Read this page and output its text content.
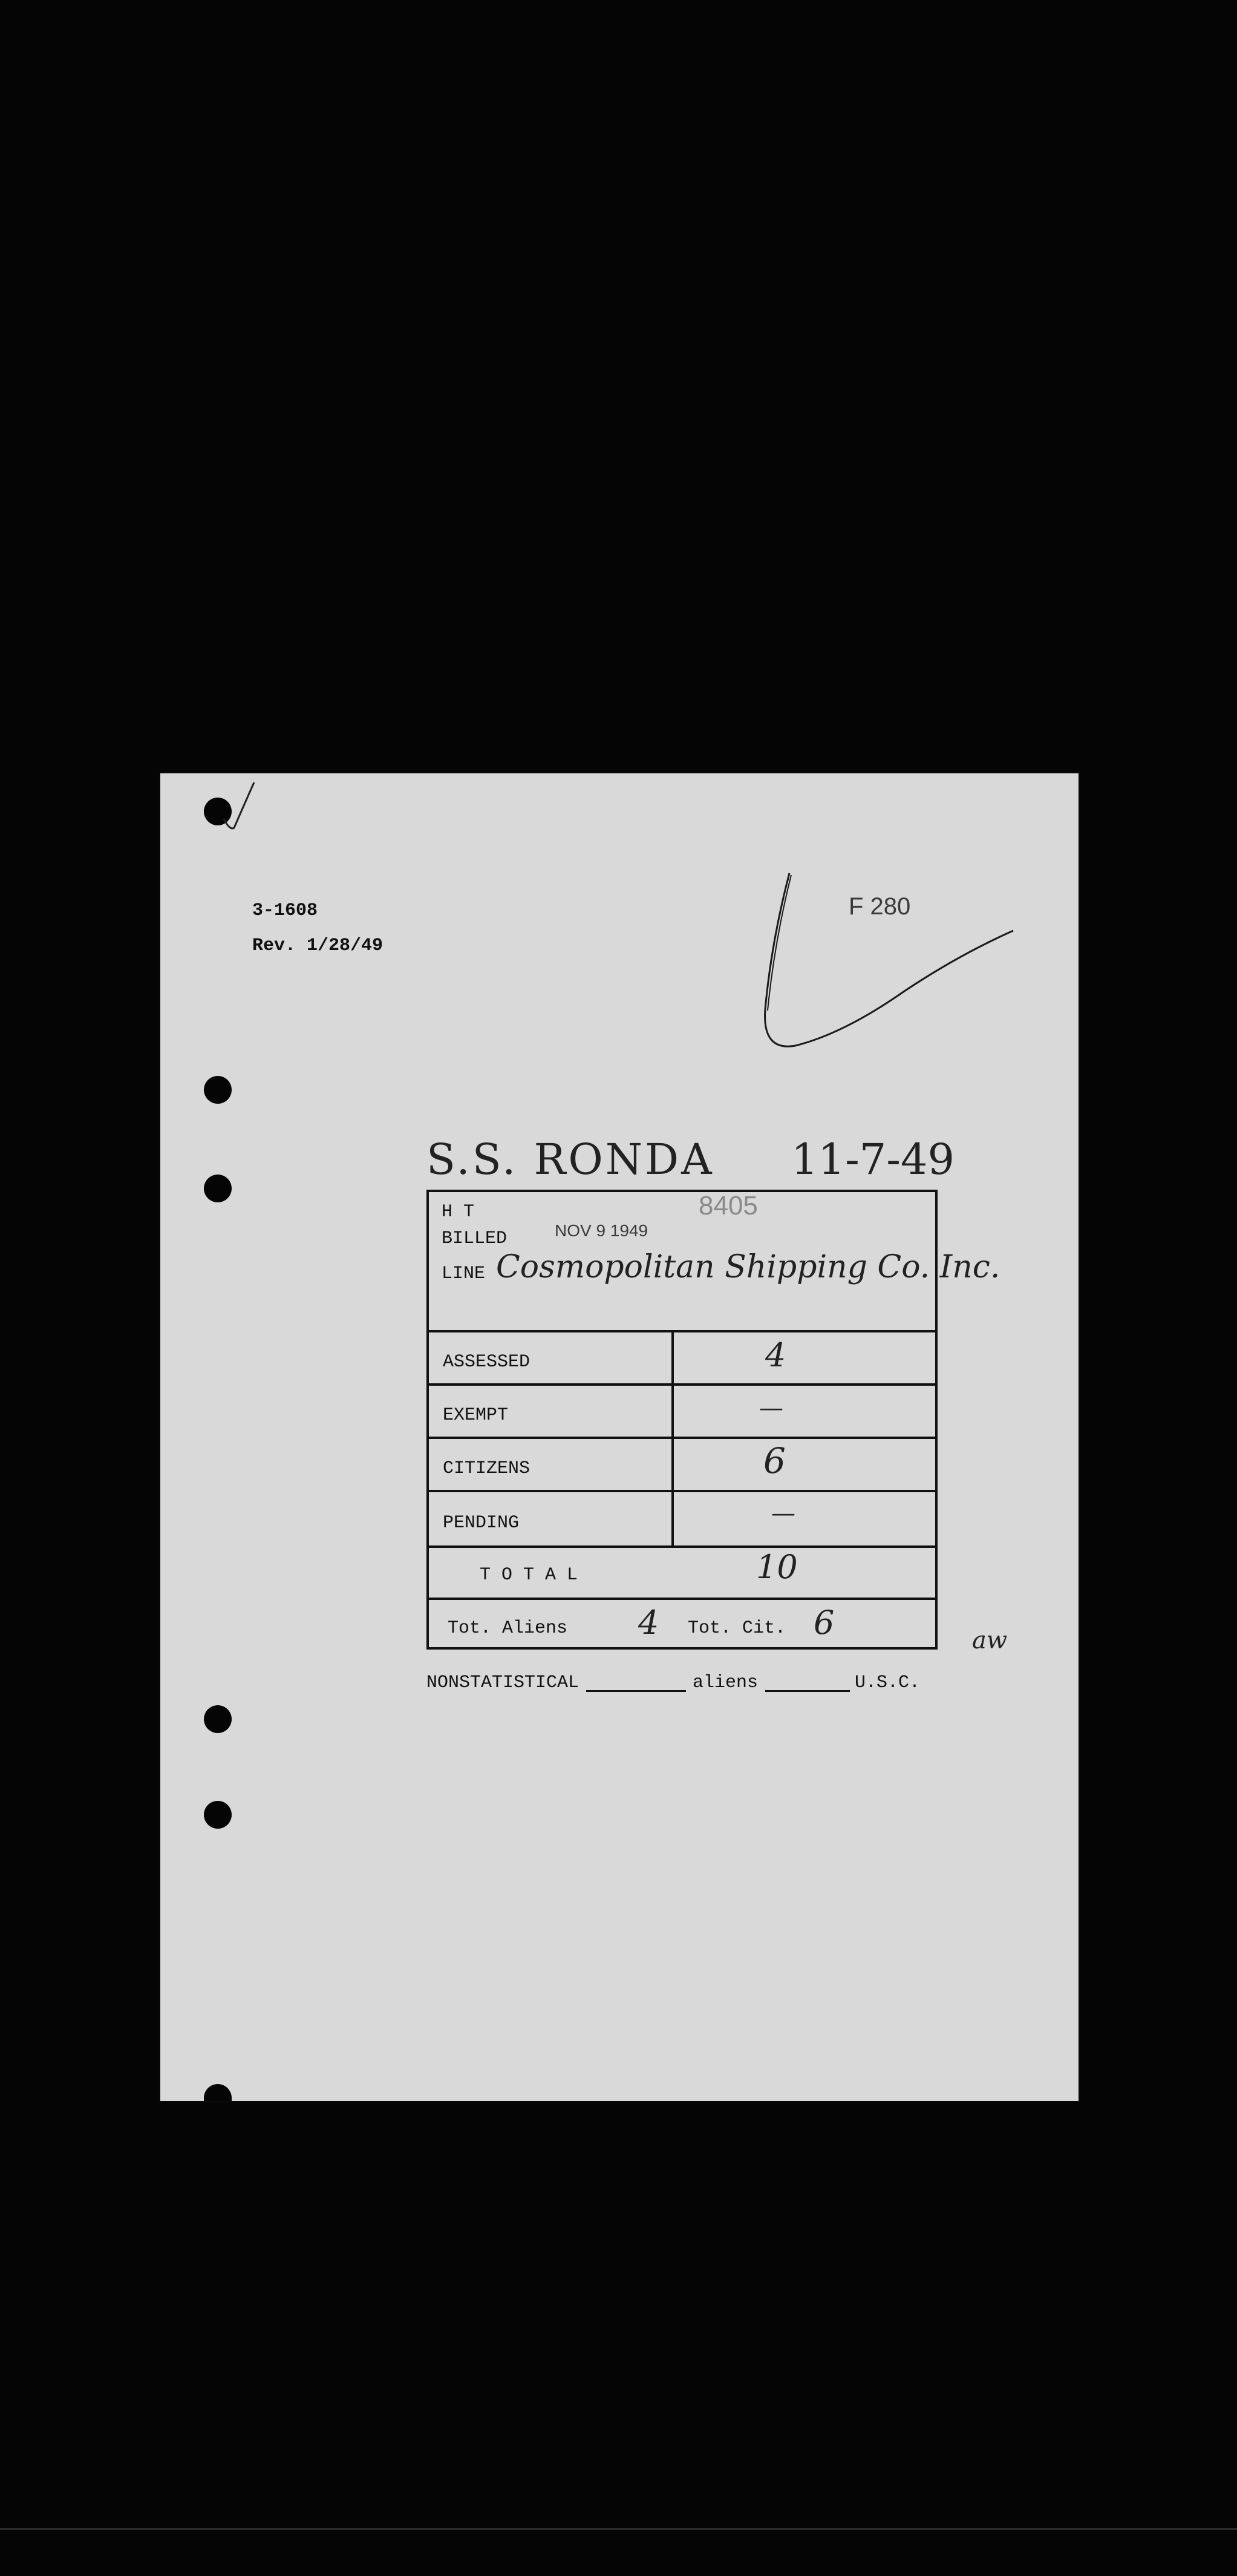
3-1608
Rev. 1/28/49
F 280
S.S. RONDA 11-7-49
H T	8405
BILLED	NOV 9 1949
LINE Cosmopolitan Shipping Co. Inc.
ASSESSED	4
EXEMPT	—
CITIZENS	6
PENDING	—
T O T A L	10
Tot. Aliens 4 Tot. Cit. 6	aw
NONSTATISTICAL	aliens	U.S.C.
